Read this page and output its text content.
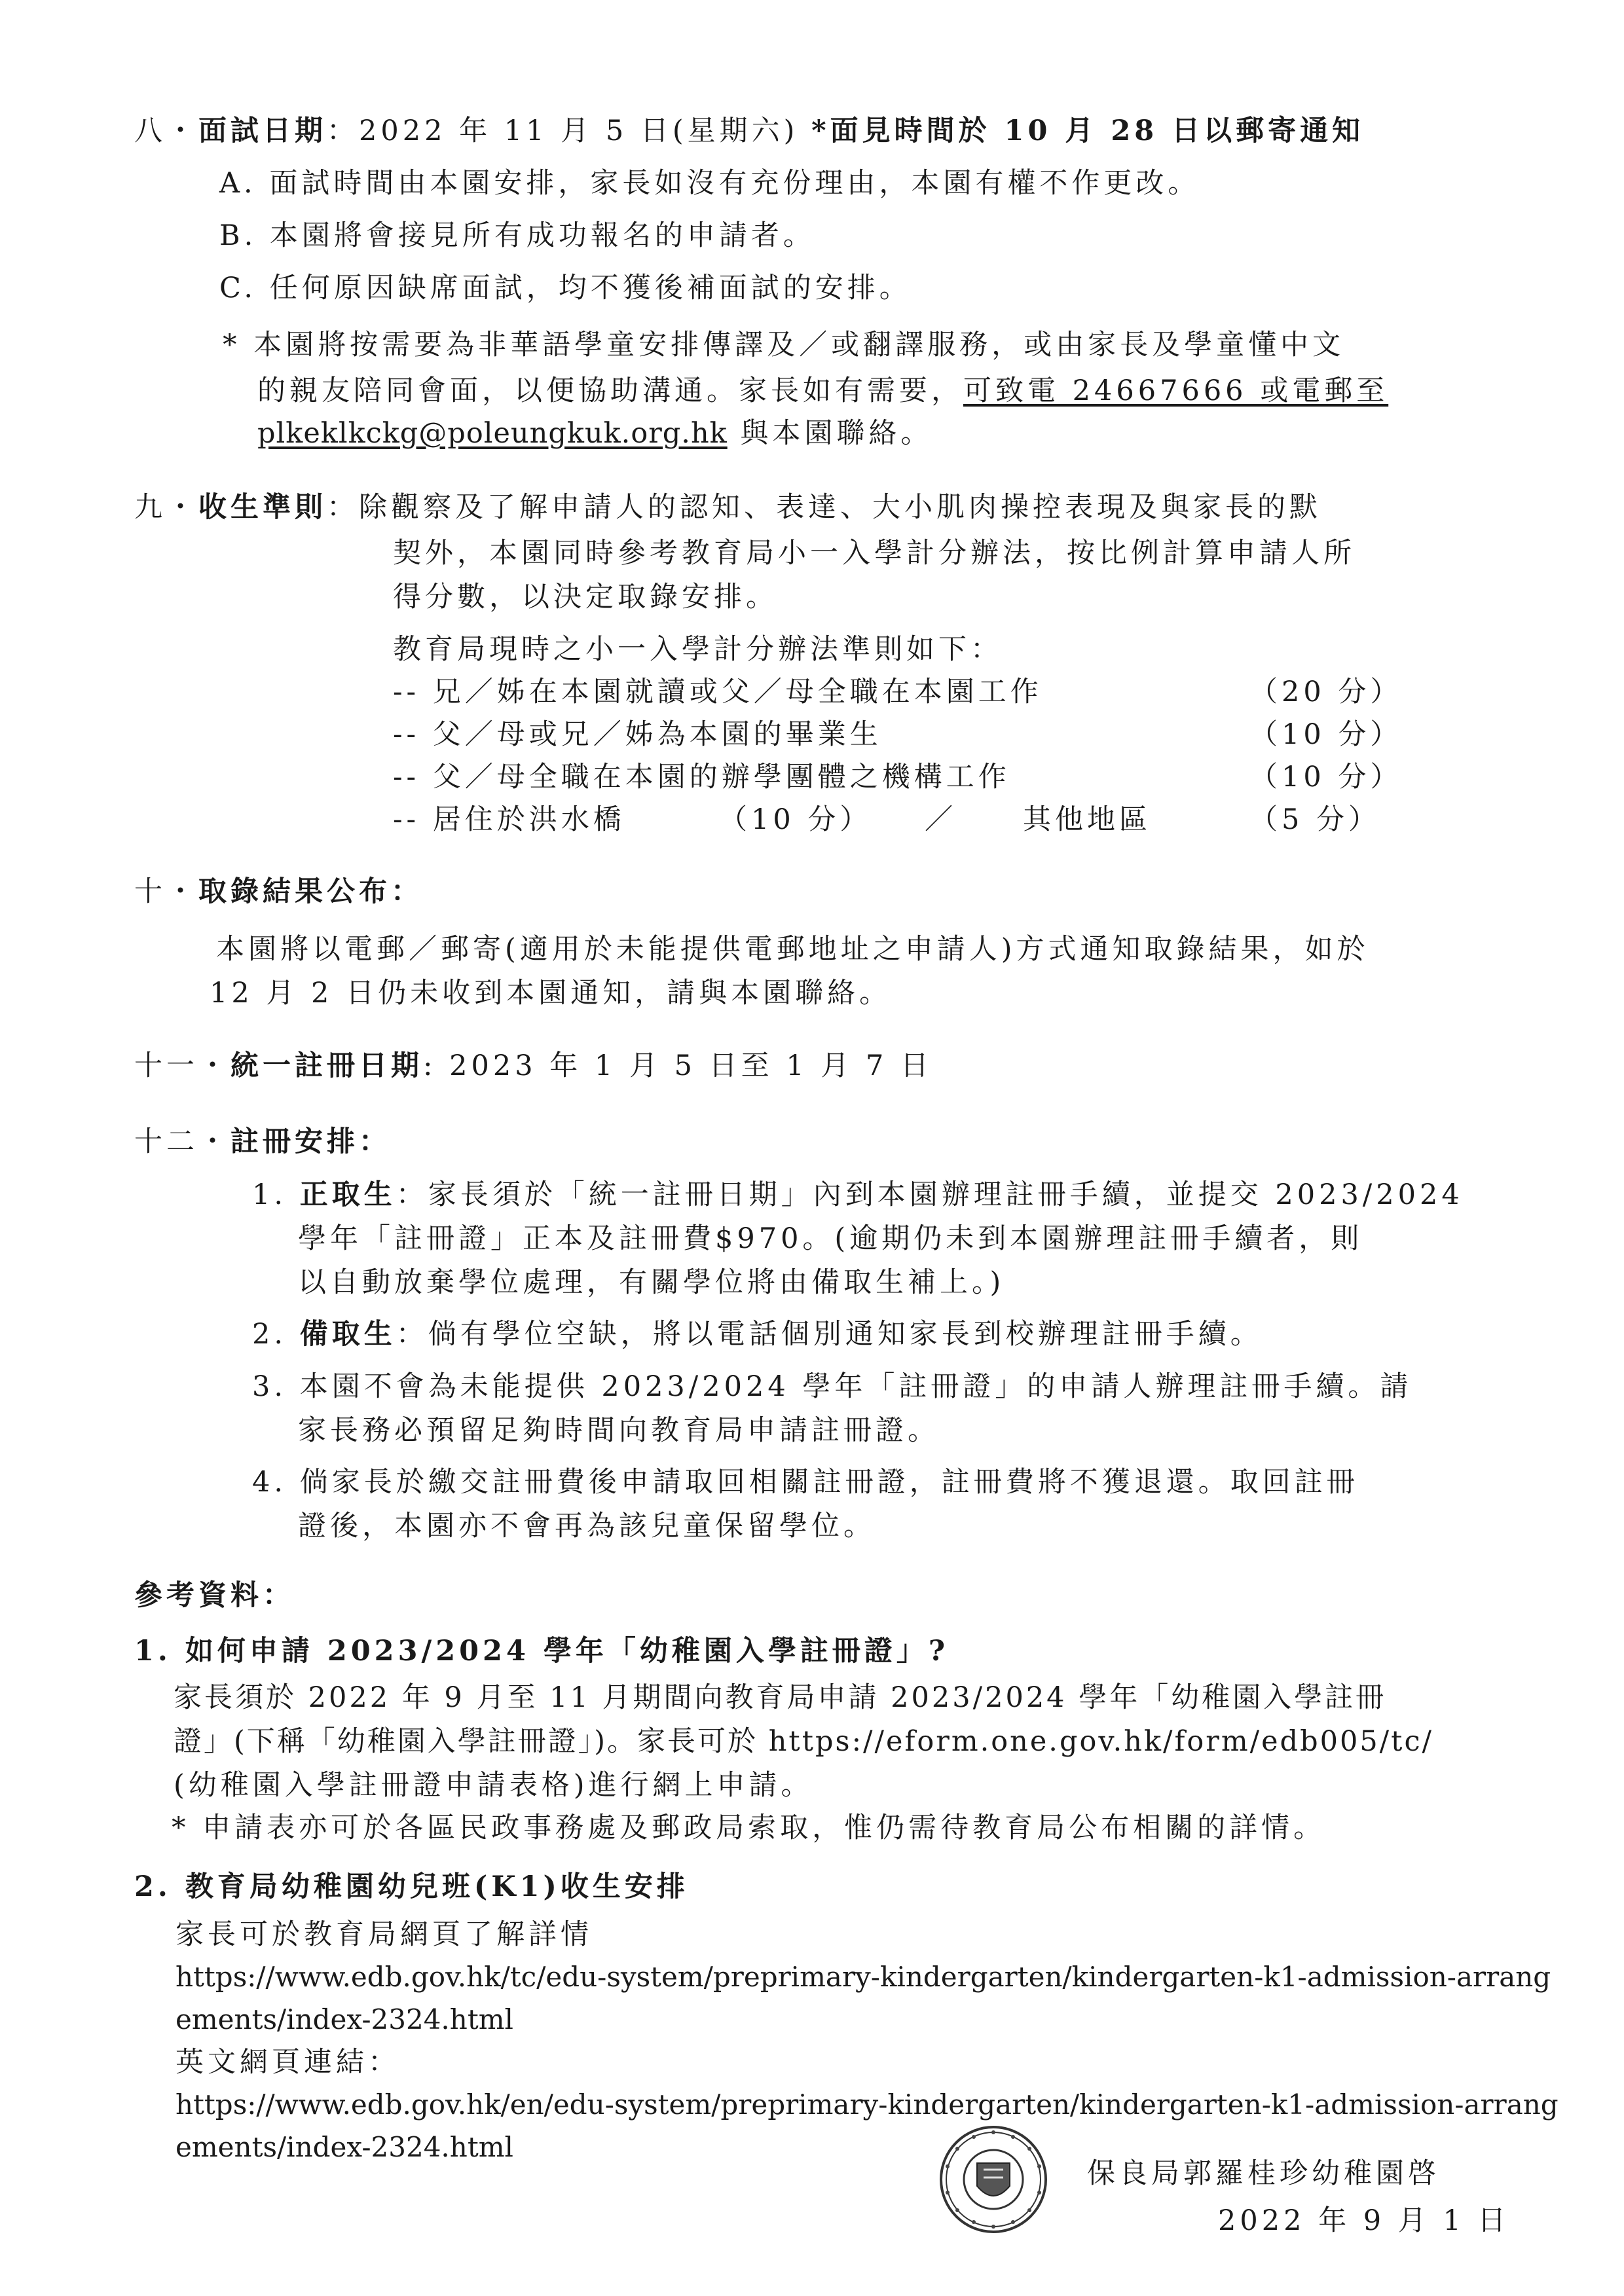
八・面試日期：2022 年 11 月 5 日(星期六) *面見時間於 10 月 28 日以郵寄通知
A. 面試時間由本園安排，家長如沒有充份理由，本園有權不作更改。
B. 本園將會接見所有成功報名的申請者。
C. 任何原因缺席面試，均不獲後補面試的安排。
* 本園將按需要為非華語學童安排傳譯及／或翻譯服務，或由家長及學童懂中文
的親友陪同會面，以便協助溝通。家長如有需要，可致電 24667666 或電郵至
plkeklkckg@poleungkuk.org.hk 與本園聯絡。
九・收生準則：除觀察及了解申請人的認知、表達、大小肌肉操控表現及與家長的默
契外，本園同時參考教育局小一入學計分辦法，按比例計算申請人所
得分數，以決定取錄安排。
教育局現時之小一入學計分辦法準則如下：
-- 兄／姊在本園就讀或父／母全職在本園工作	（20 分）
-- 父／母或兄／姊為本園的畢業生	（10 分）
-- 父／母全職在本園的辦學團體之機構工作	（10 分）
-- 居住於洪水橋	（10 分） ／ 其他地區	（5 分）
十・取錄結果公布：
本園將以電郵／郵寄(適用於未能提供電郵地址之申請人)方式通知取錄結果，如於
12 月 2 日仍未收到本園通知，請與本園聯絡。
十一・統一註冊日期: 2023 年 1 月 5 日至 1 月 7 日
十二・註冊安排：
1. 正取生：家長須於「統一註冊日期」內到本園辦理註冊手續，並提交 2023/2024
學年「註冊證」正本及註冊費$970。(逾期仍未到本園辦理註冊手續者，則
以自動放棄學位處理，有關學位將由備取生補上。)
2. 備取生：倘有學位空缺，將以電話個別通知家長到校辦理註冊手續。
3. 本園不會為未能提供 2023/2024 學年「註冊證」的申請人辦理註冊手續。請
家長務必預留足夠時間向教育局申請註冊證。
4. 倘家長於繳交註冊費後申請取回相關註冊證，註冊費將不獲退還。取回註冊
證後，本園亦不會再為該兒童保留學位。
參考資料：
1. 如何申請 2023/2024 學年「幼稚園入學註冊證」?
家長須於 2022 年 9 月至 11 月期間向教育局申請 2023/2024 學年「幼稚園入學註冊
證」(下稱「幼稚園入學註冊證」)。家長可於 https://eform.one.gov.hk/form/edb005/tc/
(幼稚園入學註冊證申請表格)進行網上申請。
* 申請表亦可於各區民政事務處及郵政局索取，惟仍需待教育局公布相關的詳情。
2. 教育局幼稚園幼兒班(K1)收生安排
家長可於教育局網頁了解詳情
https://www.edb.gov.hk/tc/edu-system/preprimary-kindergarten/kindergarten-k1-admission-arrang
ements/index-2324.html
英文網頁連結：
https://www.edb.gov.hk/en/edu-system/preprimary-kindergarten/kindergarten-k1-admission-arrang
ements/index-2324.html
保良局郭羅桂珍幼稚園啓
2022 年 9 月 1 日
